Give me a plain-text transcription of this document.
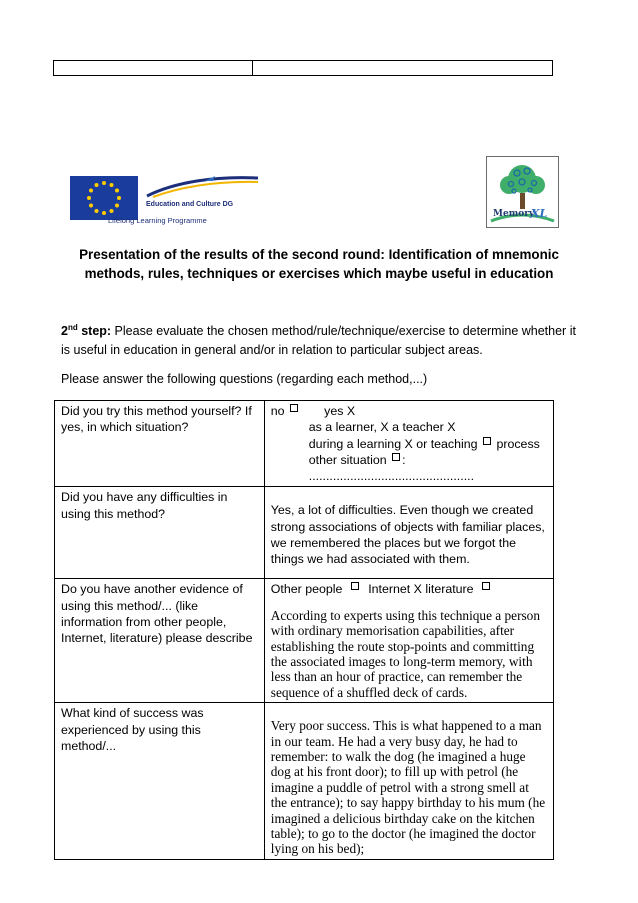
Education and Culture DG
Lifelong Learning Programme
Memory
XL
Presentation of the results of the second round: Identification of mnemonic methods, rules, techniques or exercises which maybe useful in education
2nd step: Please evaluate the chosen method/rule/technique/exercise to determine whether it is useful in education in general and/or in relation to particular subject areas.
Please answer the following questions (regarding each method,...)
Did you try this method yourself? If yes, in which situation?	no yes X
as a learner, X a teacher X
during a learning X or teaching process
other situation :
................................................

Did you have any difficulties in using this method?	Yes, a lot of difficulties. Even though we created strong associations of objects with familiar places, we remembered the places but we forgot the things we had associated with them.

Do you have another evidence of using this method/... (like information from other people, Internet, literature) please describe	Other people Internet X literature
According to experts using this technique a person with ordinary memorisation capabilities, after establishing the route stop-points and committing the associated images to long-term memory, with less than an hour of practice, can remember the sequence of a shuffled deck of cards.

What kind of success was experienced by using this method/...	Very poor success. This is what happened to a man in our team. He had a very busy day, he had to remember: to walk the dog (he imagined a huge dog at his front door); to fill up with petrol (he imagine a puddle of petrol with a strong smell at the entrance); to say happy birthday to his mum (he imagined a delicious birthday cake on the kitchen table); to go to the doctor (he imagined the doctor lying on his bed);
